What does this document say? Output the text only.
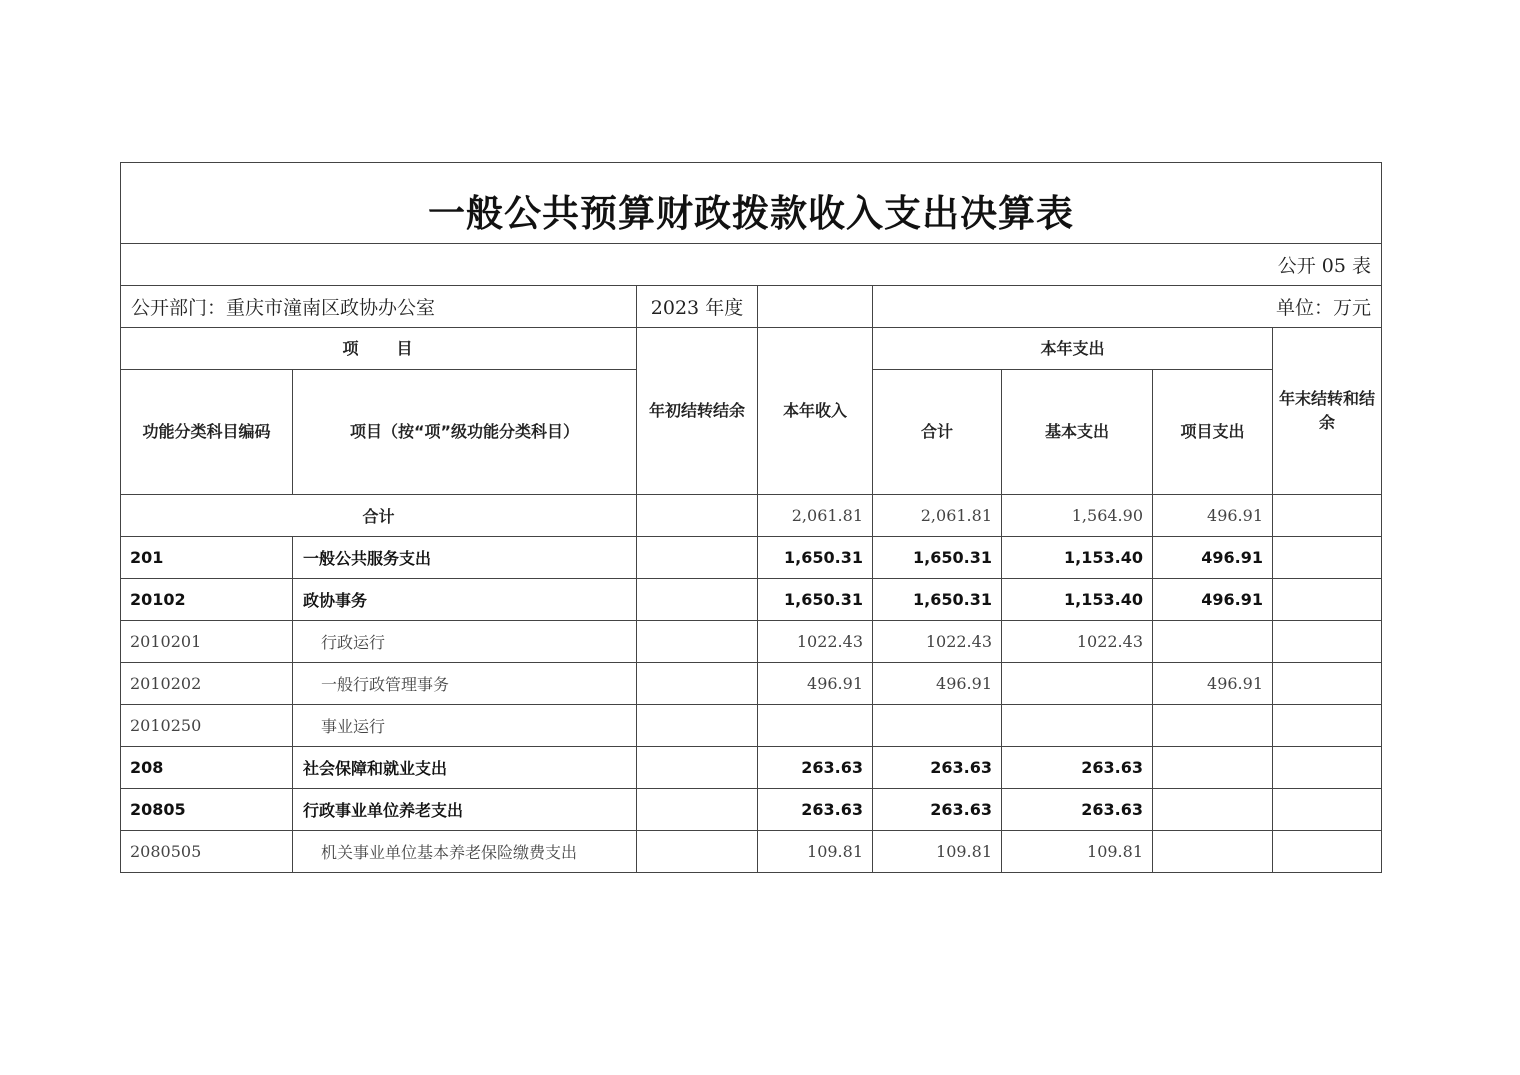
一般公共预算财政拨款收入支出决算表							
公开 05 表							
公开部门：重庆市潼南区政协办公室		2023 年度		单位：万元			
项　　目		年初结转结余	本年收入	本年支出			年末结转和结余
功能分类科目编码	项目（按“项”级功能分类科目）			合计	基本支出	项目支出	
合计			2,061.81	2,061.81	1,564.90	496.91	
201	一般公共服务支出		1,650.31	1,650.31	1,153.40	496.91	
20102	政协事务		1,650.31	1,650.31	1,153.40	496.91	
2010201	行政运行		1022.43	1022.43	1022.43		
2010202	一般行政管理事务		496.91	496.91		496.91	
2010250	事业运行						
208	社会保障和就业支出		263.63	263.63	263.63		
20805	行政事业单位养老支出		263.63	263.63	263.63		
2080505	机关事业单位基本养老保险缴费支出		109.81	109.81	109.81		
